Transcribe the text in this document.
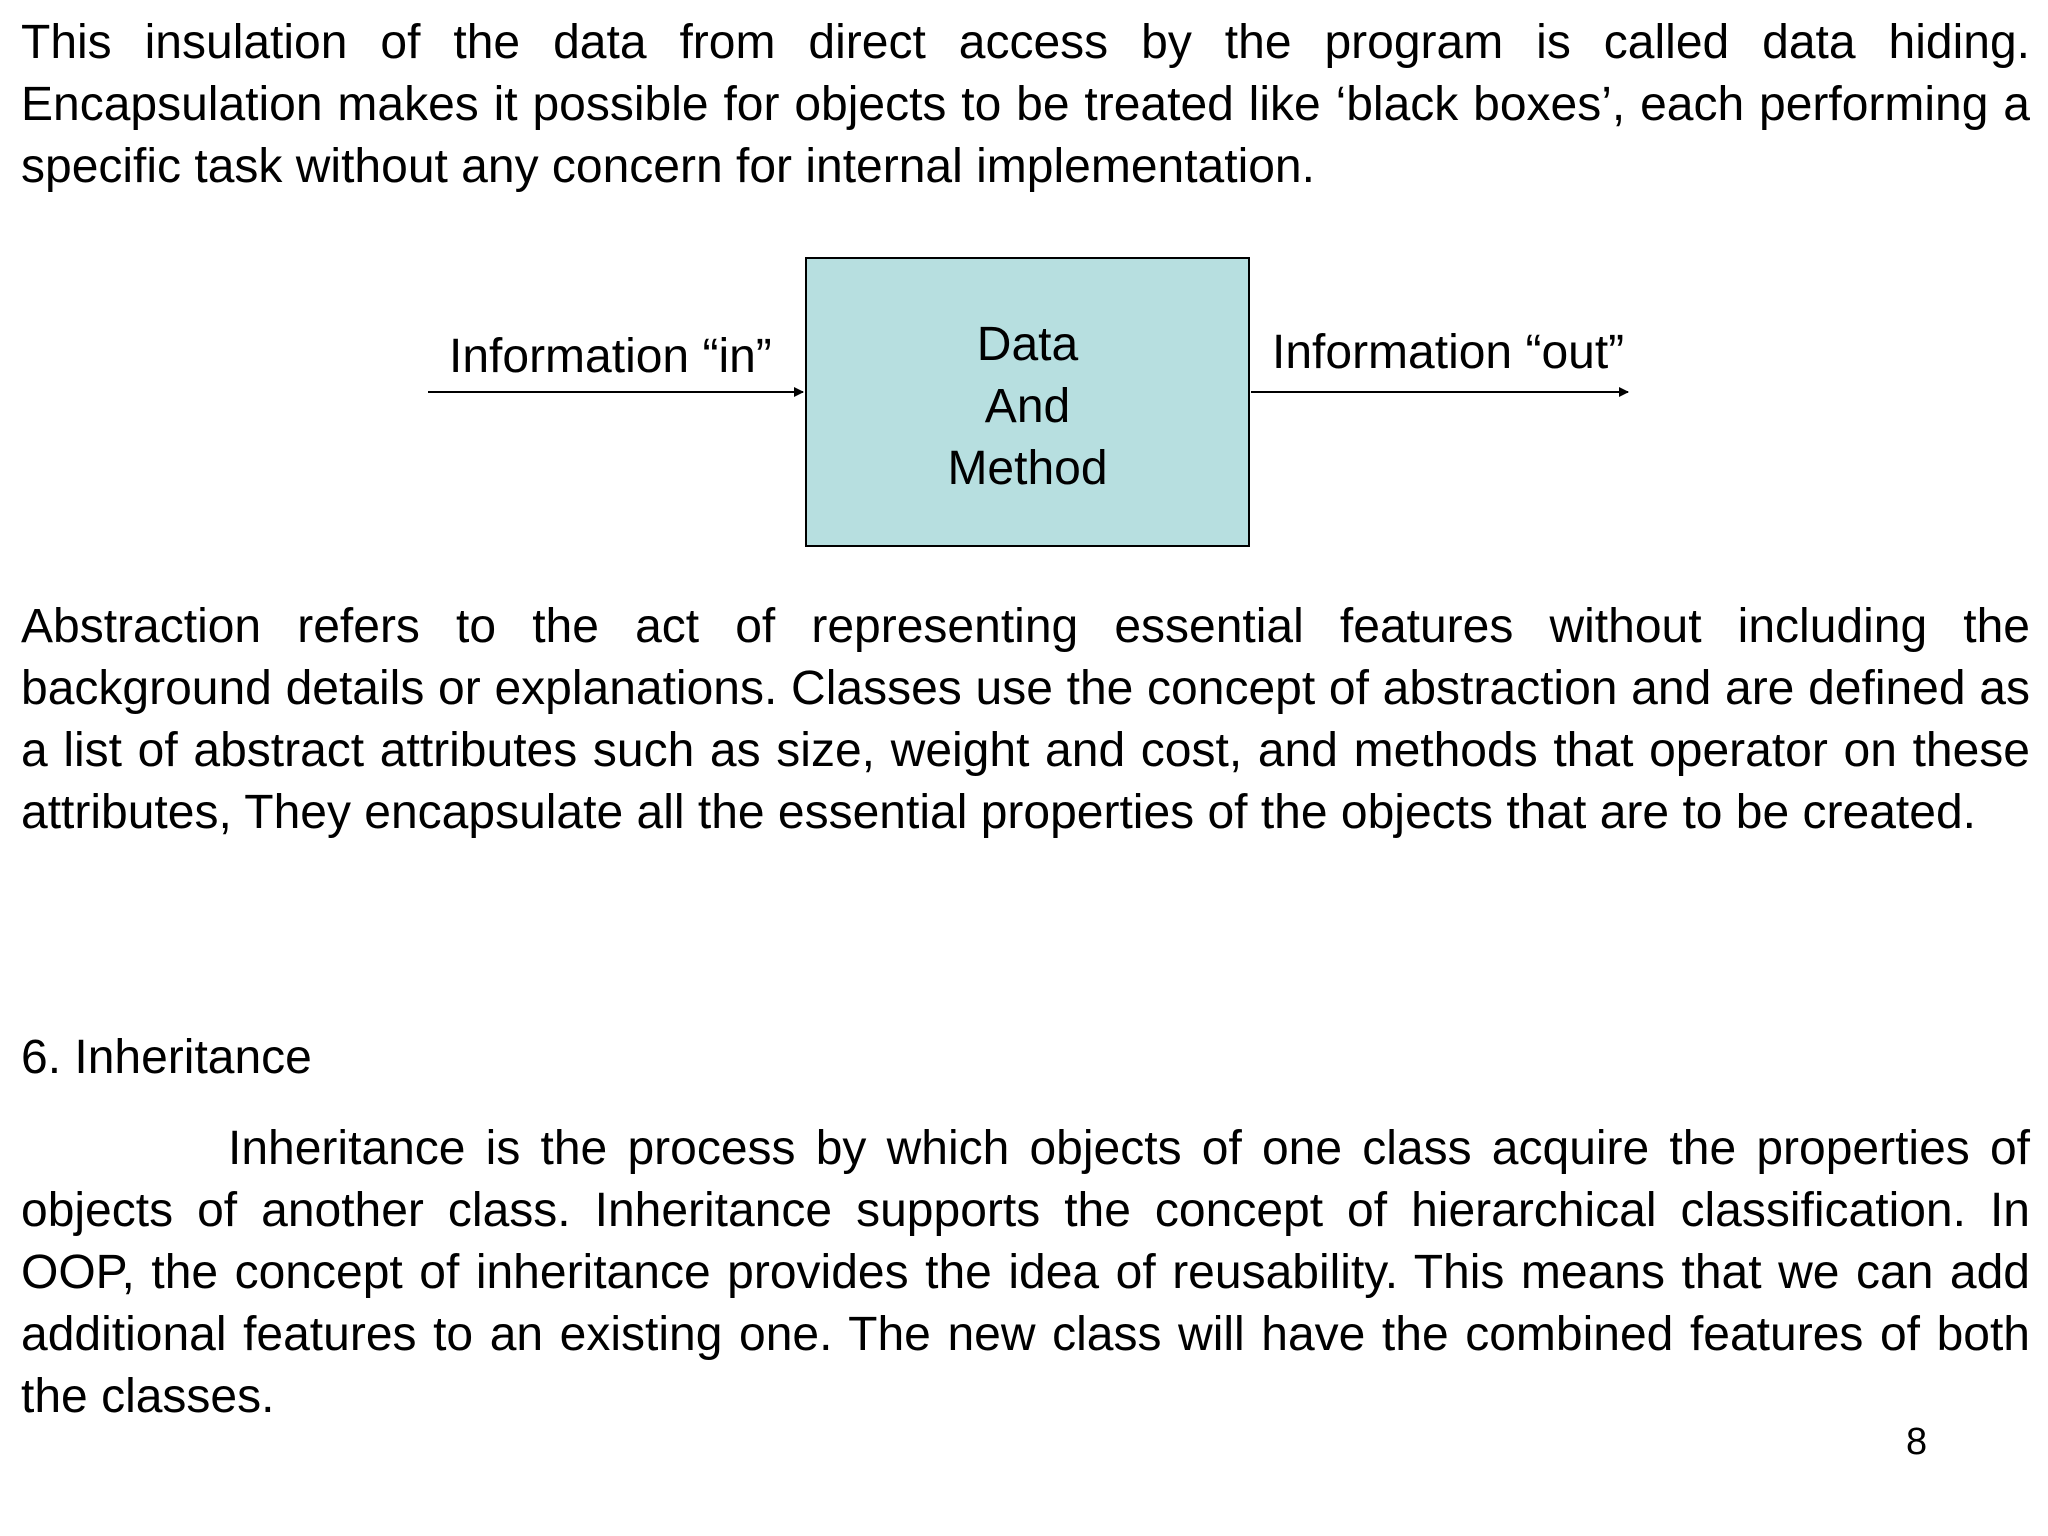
This insulation of the data from direct access by the program is called data hiding. Encapsulation makes it possible for objects to be treated like ‘black boxes’, each performing a specific task without any concern for internal implementation.

Data
And
Method
Information “in”	Information “out”

Abstraction refers to the act of representing essential features without including the background details or explanations. Classes use the concept of abstraction and are defined as a list of abstract attributes such as size, weight and cost, and methods that operator on these attributes, They encapsulate all the essential properties of the objects that are to be created.

6. Inheritance

Inheritance is the process by which objects of one class acquire the properties of objects of another class. Inheritance supports the concept of hierarchical classification. In OOP, the concept of inheritance provides the idea of reusability. This means that we can add additional features to an existing one. The new class will have the combined features of both the classes.

8
